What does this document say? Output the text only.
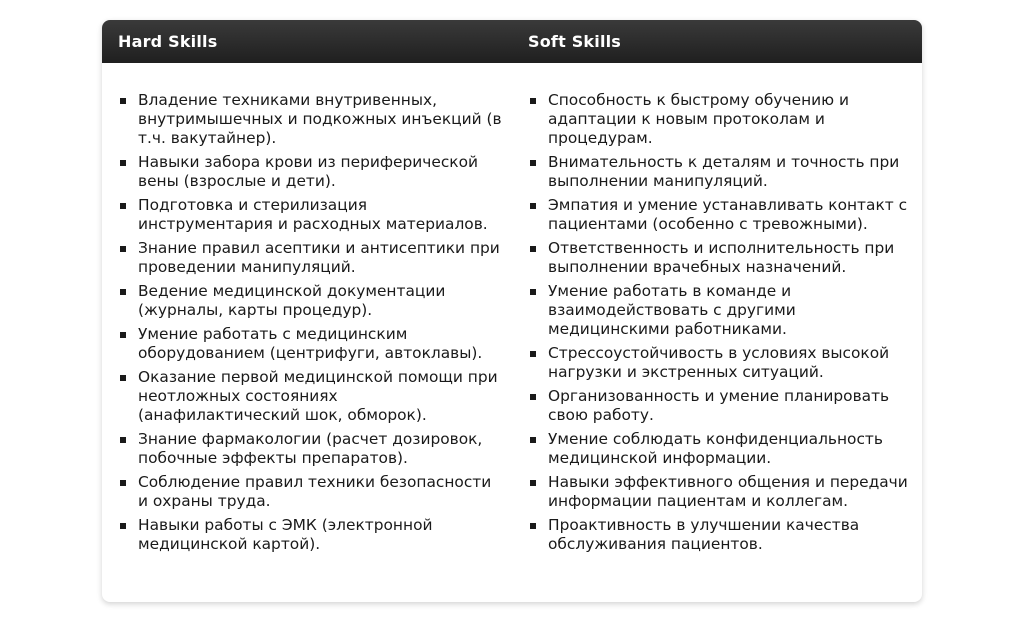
Hard Skills	Soft Skills
Владение техниками внутривенных, внутримышечных и подкожных инъекций (в т.ч. вакутайнер).
Навыки забора крови из периферической вены (взрослые и дети).
Подготовка и стерилизация инструментария и расходных материалов.
Знание правил асептики и антисептики при проведении манипуляций.
Ведение медицинской документации (журналы, карты процедур).
Умение работать с медицинским оборудованием (центрифуги, автоклавы).
Оказание первой медицинской помощи при неотложных состояниях (анафилактический шок, обморок).
Знание фармакологии (расчет дозировок, побочные эффекты препаратов).
Соблюдение правил техники безопасности и охраны труда.
Навыки работы с ЭМК (электронной медицинской картой).
Способность к быстрому обучению и адаптации к новым протоколам и процедурам.
Внимательность к деталям и точность при выполнении манипуляций.
Эмпатия и умение устанавливать контакт с пациентами (особенно с тревожными).
Ответственность и исполнительность при выполнении врачебных назначений.
Умение работать в команде и взаимодействовать с другими медицинскими работниками.
Стрессоустойчивость в условиях высокой нагрузки и экстренных ситуаций.
Организованность и умение планировать свою работу.
Умение соблюдать конфиденциальность медицинской информации.
Навыки эффективного общения и передачи информации пациентам и коллегам.
Проактивность в улучшении качества обслуживания пациентов.
